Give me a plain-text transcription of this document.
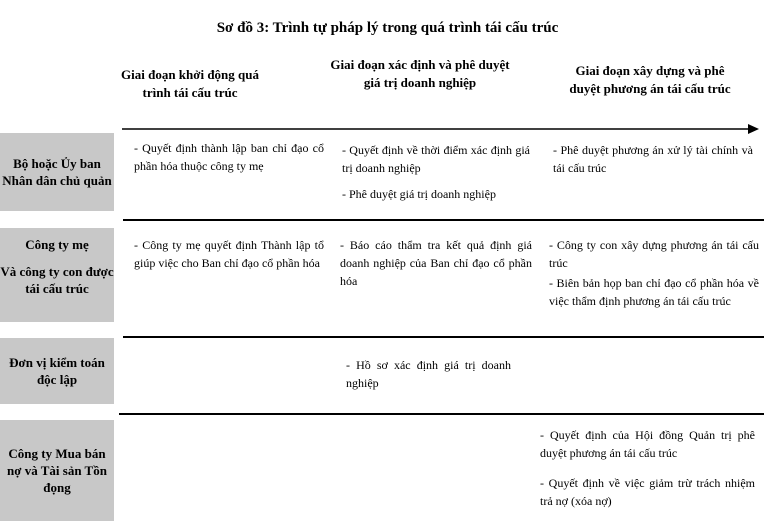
Sơ đồ 3: Trình tự pháp lý trong quá trình tái cấu trúc
Giai đoạn khởi động quá trình tái cấu trúc
Giai đoạn xác định và phê duyệt giá trị doanh nghiệp
Giai đoạn xây dựng và phê duyệt phương án tái cấu trúc
Bộ hoặc Ủy ban Nhân dân chủ quản
Công ty mẹ
Và công ty con được tái cấu trúc
Đơn vị kiểm toán độc lập
Công ty Mua bán nợ và Tài sản Tồn đọng

- Quyết định thành lập ban chỉ đạo cổ phần hóa thuộc công ty mẹ

- Quyết định về thời điểm xác định giá trị doanh nghiệp

- Phê duyệt giá trị doanh nghiệp

- Phê duyệt phương án xử lý tài chính và tái cấu trúc

- Công ty mẹ quyết định Thành lập tổ giúp việc cho Ban chỉ đạo cổ phần hóa

- Báo cáo thẩm tra kết quả định giá doanh nghiệp của Ban chỉ đạo cổ phần hóa

- Công ty con xây dựng phương án tái cấu trúc

- Biên bản họp ban chỉ đạo cổ phần hóa về việc thẩm định phương án tái cấu trúc

- Hồ sơ xác định giá trị doanh nghiệp

- Quyết định của Hội đồng Quản trị phê duyệt phương án tái cấu trúc

- Quyết định về việc giảm trừ trách nhiệm trả nợ (xóa nợ)
